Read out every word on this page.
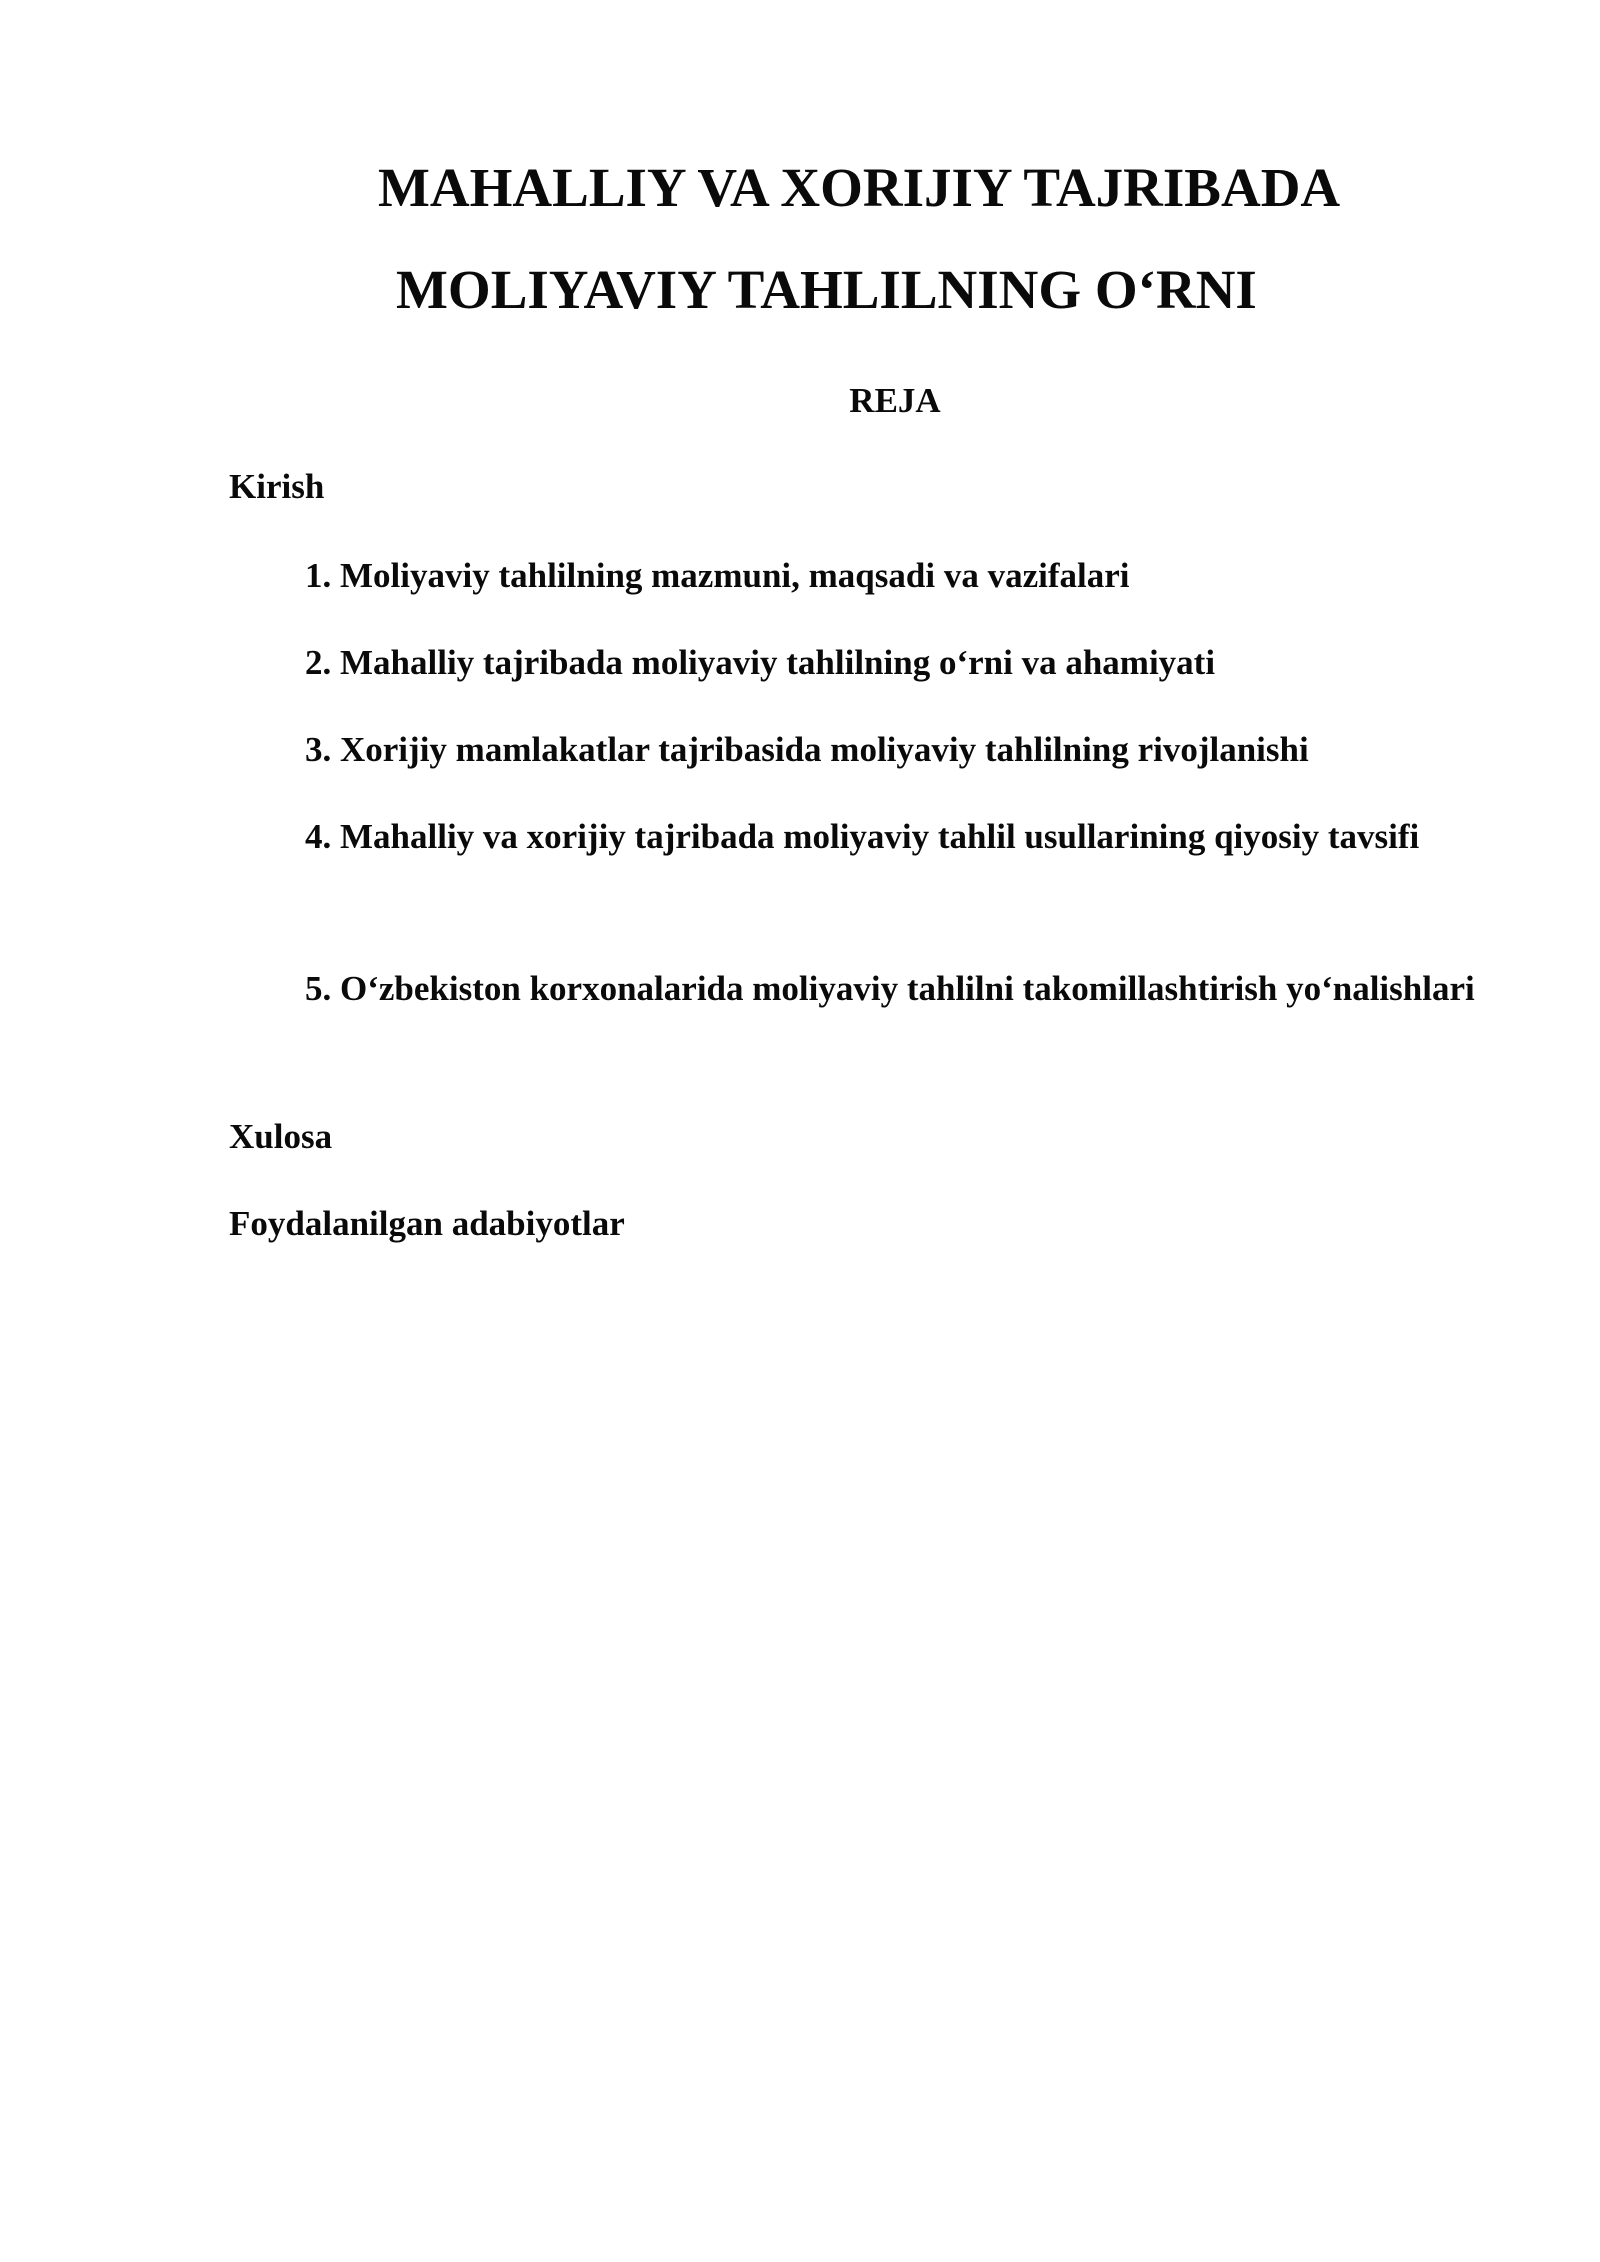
MAHALLIY VA XORIJIY TAJRIBADA
MOLIYAVIY TAHLILNING O‘RNI
REJA

Kirish

1. Moliyaviy tahlilning mazmuni, maqsadi va vazifalari

2. Mahalliy tajribada moliyaviy tahlilning o‘rni va ahamiyati

3. Xorijiy mamlakatlar tajribasida moliyaviy tahlilning rivojlanishi

4. Mahalliy va xorijiy tajribada moliyaviy tahlil usullarining qiyosiy tavsifi

5. O‘zbekiston korxonalarida moliyaviy tahlilni takomillashtirish yo‘nalishlari

Xulosa

Foydalanilgan adabiyotlar
